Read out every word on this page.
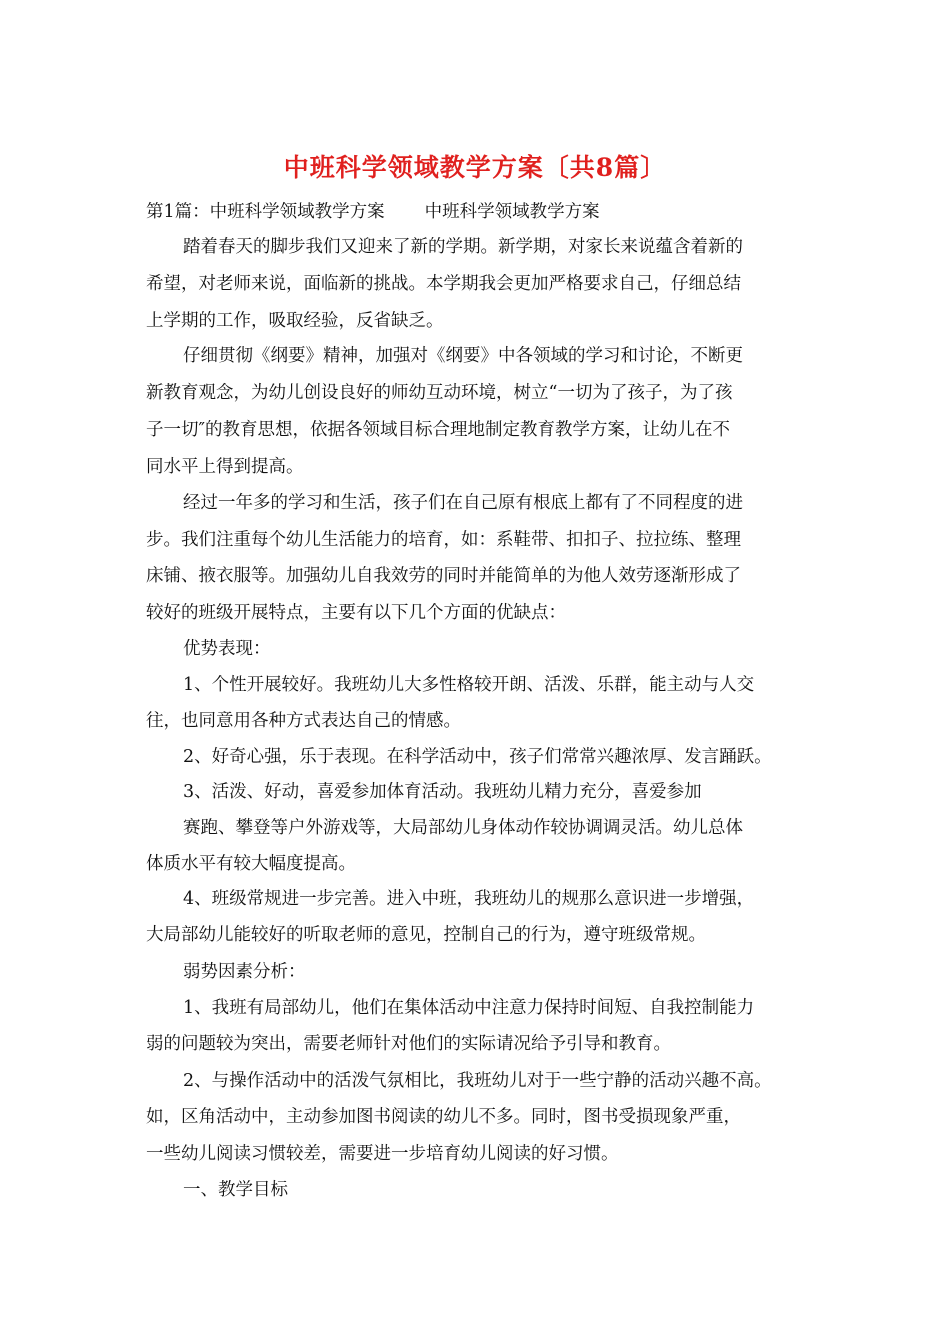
中班科学领域教学方案〔共8篇〕
第1篇：中班科学领域教学方案 中班科学领域教学方案
踏着春天的脚步我们又迎来了新的学期。新学期，对家长来说蕴含着新的
希望，对老师来说，面临新的挑战。本学期我会更加严格要求自己，仔细总结
上学期的工作，吸取经验，反省缺乏。
仔细贯彻《纲要》精神，加强对《纲要》中各领域的学习和讨论，不断更
新教育观念，为幼儿创设良好的师幼互动环境，树立“一切为了孩子，为了孩
子一切″的教育思想，依据各领域目标合理地制定教育教学方案，让幼儿在不
同水平上得到提高。
经过一年多的学习和生活，孩子们在自己原有根底上都有了不同程度的进
步。我们注重每个幼儿生活能力的培育，如：系鞋带、扣扣子、拉拉练、整理
床铺、掖衣服等。加强幼儿自我效劳的同时并能简单的为他人效劳逐渐形成了
较好的班级开展特点，主要有以下几个方面的优缺点：
优势表现：
1、个性开展较好。我班幼儿大多性格较开朗、活泼、乐群，能主动与人交
往，也同意用各种方式表达自己的情感。
2、好奇心强，乐于表现。在科学活动中，孩子们常常兴趣浓厚、发言踊跃。
3、活泼、好动，喜爱参加体育活动。我班幼儿精力充分，喜爱参加
赛跑、攀登等户外游戏等，大局部幼儿身体动作较协调调灵活。幼儿总体
体质水平有较大幅度提高。
4、班级常规进一步完善。进入中班，我班幼儿的规那么意识进一步增强，
大局部幼儿能较好的听取老师的意见，控制自己的行为，遵守班级常规。
弱势因素分析：
1、我班有局部幼儿，他们在集体活动中注意力保持时间短、自我控制能力
弱的问题较为突出，需要老师针对他们的实际请况给予引导和教育。
2、与操作活动中的活泼气氛相比，我班幼儿对于一些宁静的活动兴趣不高。
如，区角活动中，主动参加图书阅读的幼儿不多。同时，图书受损现象严重，
一些幼儿阅读习惯较差，需要进一步培育幼儿阅读的好习惯。
一、教学目标
